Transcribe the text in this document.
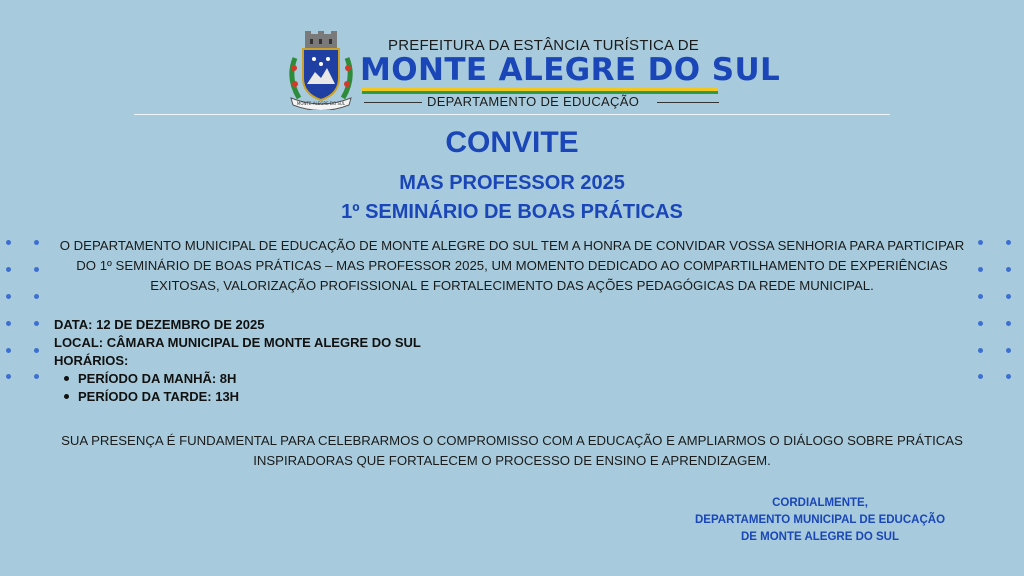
MONTE ALEGRE DO SUL
PREFEITURA DA ESTÂNCIA TURÍSTICA DE
MONTE ALEGRE DO SUL
DEPARTAMENTO DE EDUCAÇÃO
CONVITE
MAS PROFESSOR 2025
1º SEMINÁRIO DE BOAS PRÁTICAS
O DEPARTAMENTO MUNICIPAL DE EDUCAÇÃO DE MONTE ALEGRE DO SUL TEM A HONRA DE CONVIDAR VOSSA SENHORIA PARA PARTICIPAR DO 1º SEMINÁRIO DE BOAS PRÁTICAS – MAS PROFESSOR 2025, UM MOMENTO DEDICADO AO COMPARTILHAMENTO DE EXPERIÊNCIAS EXITOSAS, VALORIZAÇÃO PROFISSIONAL E FORTALECIMENTO DAS AÇÕES PEDAGÓGICAS DA REDE MUNICIPAL.
DATA: 12 DE DEZEMBRO DE 2025
LOCAL: CÂMARA MUNICIPAL DE MONTE ALEGRE DO SUL
HORÁRIOS:
PERÍODO DA MANHÃ: 8H
PERÍODO DA TARDE: 13H
SUA PRESENÇA É FUNDAMENTAL PARA CELEBRARMOS O COMPROMISSO COM A EDUCAÇÃO E AMPLIARMOS O DIÁLOGO SOBRE PRÁTICAS INSPIRADORAS QUE FORTALECEM O PROCESSO DE ENSINO E APRENDIZAGEM.
CORDIALMENTE,
DEPARTAMENTO MUNICIPAL DE EDUCAÇÃO
DE MONTE ALEGRE DO SUL
